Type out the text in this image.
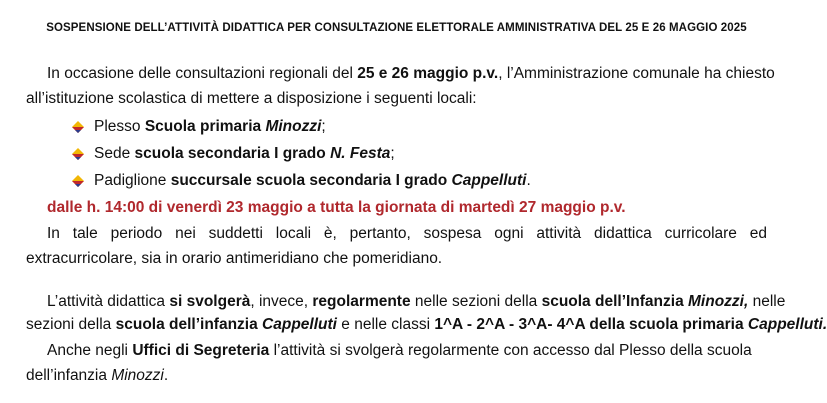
SOSPENSIONE DELL’ATTIVITÀ DIDATTICA PER CONSULTAZIONE ELETTORALE AMMINISTRATIVA DEL 25 E 26 MAGGIO 2025
In occasione delle consultazioni regionali del 25 e 26 maggio p.v., l’Amministrazione comunale ha chiesto
all’istituzione scolastica di mettere a disposizione i seguenti locali:
Plesso Scuola primaria Minozzi;
Sede scuola secondaria I grado N. Festa;
Padiglione succursale scuola secondaria I grado Cappelluti.
dalle h. 14:00 di venerdì 23 maggio a tutta la giornata di martedì 27 maggio p.v.
In tale periodo nei suddetti locali è, pertanto, sospesa ogni attività didattica curricolare ed
extracurricolare, sia in orario antimeridiano che pomeridiano.
L’attività didattica si svolgerà, invece, regolarmente nelle sezioni della scuola dell’Infanzia Minozzi, nelle
sezioni della scuola dell’infanzia Cappelluti e nelle classi 1^A - 2^A - 3^A- 4^A della scuola primaria Cappelluti.
Anche negli Uffici di Segreteria l’attività si svolgerà regolarmente con accesso dal Plesso della scuola
dell’infanzia Minozzi.
